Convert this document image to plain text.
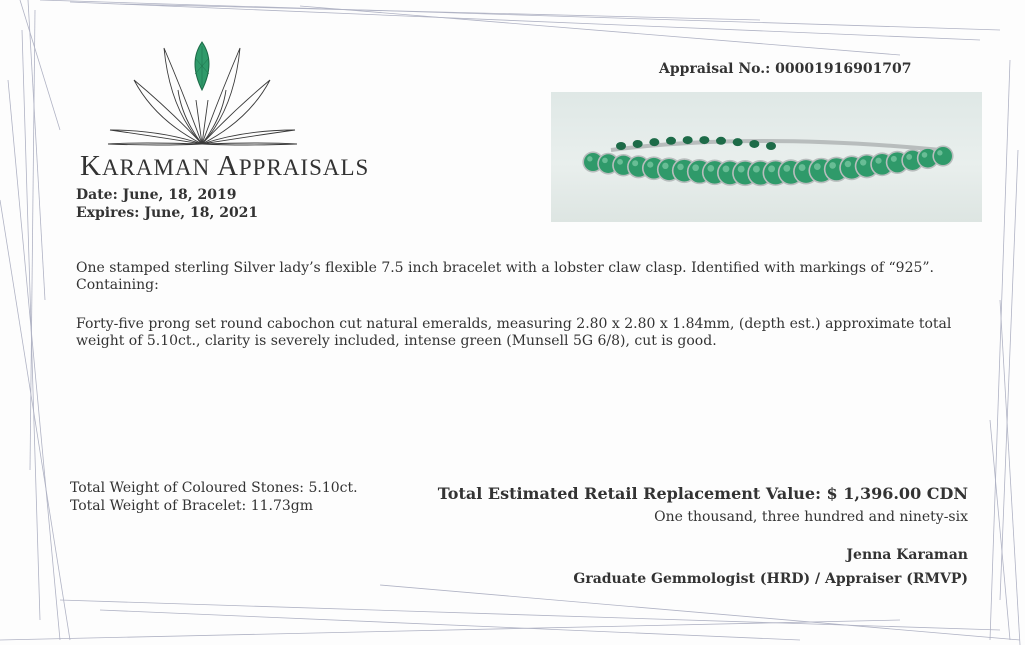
KARAMAN APPRAISALS
Date: June, 18, 2019
Expires: June, 18, 2021
Appraisal No.: 00001916901707

One stamped sterling Silver lady’s flexible 7.5 inch bracelet with a lobster claw clasp. Identified with markings of “925”.
Containing:

Forty-five prong set round cabochon cut natural emeralds, measuring 2.80 x 2.80 x 1.84mm, (depth est.) approximate total weight of 5.10ct., clarity is severely included, intense green (Munsell 5G 6/8), cut is good.

Total Weight of Coloured Stones: 5.10ct.
Total Weight of Bracelet: 11.73gm
Total Estimated Retail Replacement Value: $ 1,396.00 CDN
One thousand, three hundred and ninety-six
Jenna Karaman
Graduate Gemmologist (HRD) / Appraiser (RMVP)
